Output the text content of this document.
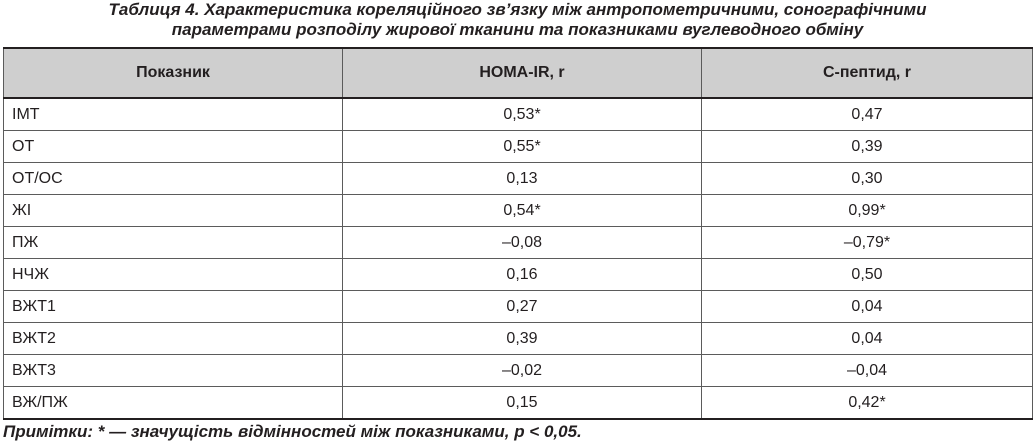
Таблиця 4. Характеристика кореляційного зв’язку між антропометричними, сонографічними
параметрами розподілу жирової тканини та показниками вуглеводного обміну
Показник	HOMA-IR, r	С-пептид, r
ІМТ	0,53*	0,47
ОТ	0,55*	0,39
ОТ/ОС	0,13	0,30
ЖІ	0,54*	0,99*
ПЖ	–0,08	–0,79*
НЧЖ	0,16	0,50
ВЖТ1	0,27	0,04
ВЖТ2	0,39	0,04
ВЖТ3	–0,02	–0,04
ВЖ/ПЖ	0,15	0,42*
Примітки: * — значущість відмінностей між показниками, p < 0,05.
